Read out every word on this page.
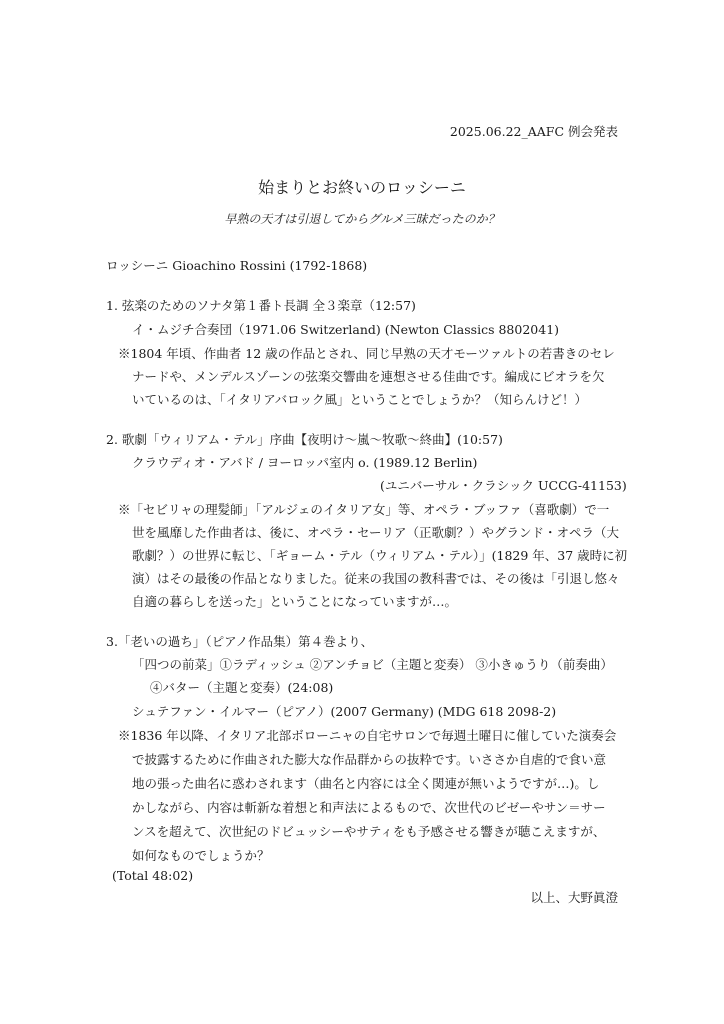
2025.06.22_AAFC 例会発表
始まりとお終いのロッシーニ
早熟の天才は引退してからグルメ三昧だったのか？
ロッシーニ Gioachino Rossini (1792-1868)
1. 弦楽のためのソナタ第１番ト長調 全３楽章（12:57)
イ・ムジチ合奏団（1971.06 Switzerland) (Newton Classics 8802041)
※1804 年頃、作曲者 12 歳の作品とされ、同じ早熟の天才モーツァルトの若書きのセレ
ナードや、メンデルスゾーンの弦楽交響曲を連想させる佳曲です。編成にビオラを欠
いているのは、「イタリアバロック風」ということでしょうか？（知らんけど！）
2. 歌劇「ウィリアム・テル」序曲【夜明け～嵐～牧歌～終曲】(10:57)
クラウディオ・アバド / ヨーロッパ室内 o. (1989.12 Berlin)
(ユニバーサル・クラシック UCCG-41153)
※「セビリャの理髪師」「アルジェのイタリア女」等、オペラ・ブッファ（喜歌劇）で一
世を風靡した作曲者は、後に、オペラ・セーリア（正歌劇？）やグランド・オペラ（大
歌劇？）の世界に転じ、「ギョーム・テル（ウィリアム・テル）」(1829 年、37 歳時に初
演）はその最後の作品となりました。従来の我国の教科書では、その後は「引退し悠々
自適の暮らしを送った」ということになっていますが…。
3.「老いの過ち」（ピアノ作品集）第４巻より、
「四つの前菜」①ラディッシュ ②アンチョビ（主題と変奏） ③小きゅうり（前奏曲）
④バター（主題と変奏）(24:08)
シュテファン・イルマー（ピアノ）(2007 Germany) (MDG 618 2098-2)
※1836 年以降、イタリア北部ボローニャの自宅サロンで毎週土曜日に催していた演奏会
で披露するために作曲された膨大な作品群からの抜粋です。いささか自虐的で食い意
地の張った曲名に惑わされます（曲名と内容には全く関連が無いようですが…)。し
かしながら、内容は斬新な着想と和声法によるもので、次世代のビゼーやサン＝サー
ンスを超えて、次世紀のドビュッシーやサティをも予感させる響きが聴こえますが、
如何なものでしょうか？
(Total 48:02)
以上、大野眞澄
